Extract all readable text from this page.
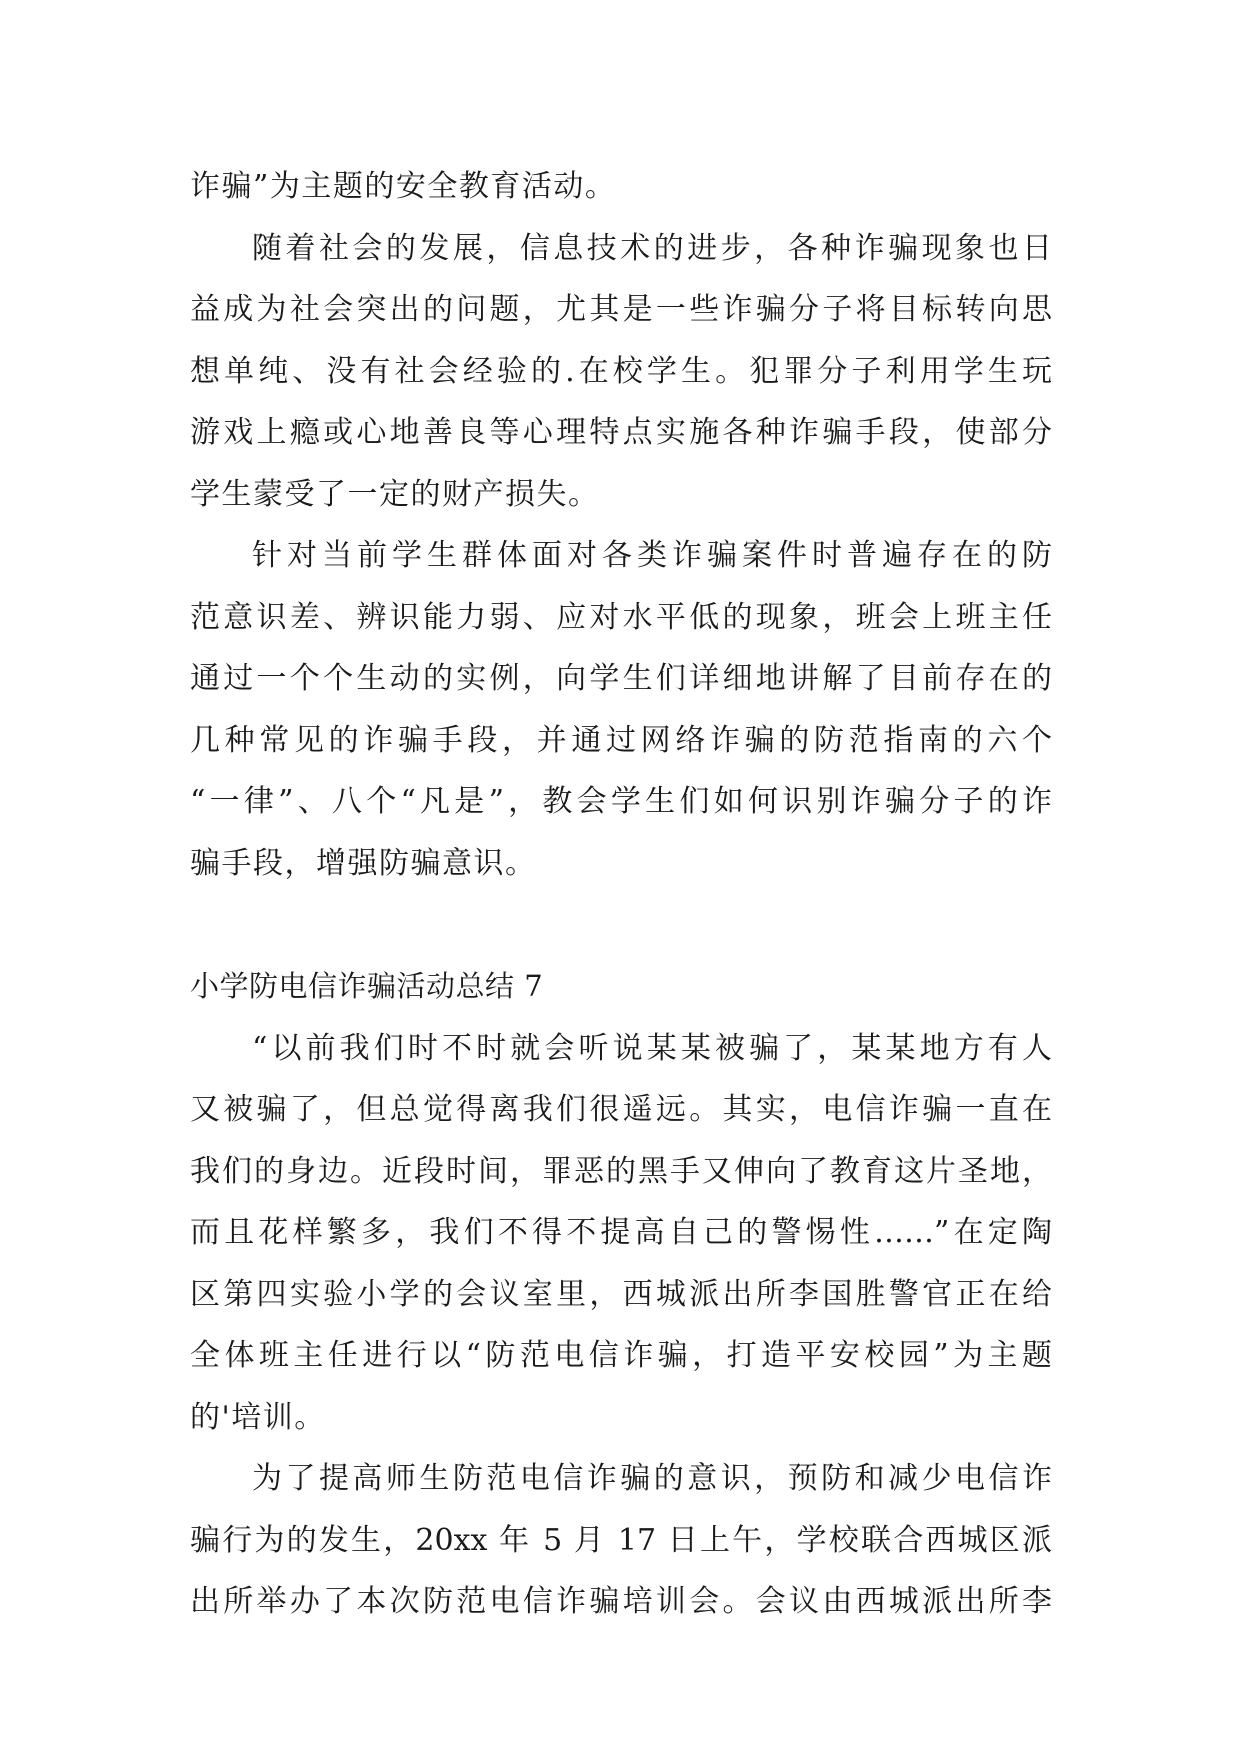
诈骗”为主题的安全教育活动。
随着社会的发展，信息技术的进步，各种诈骗现象也日
益成为社会突出的问题，尤其是一些诈骗分子将目标转向思
想单纯、没有社会经验的.在校学生。犯罪分子利用学生玩
游戏上瘾或心地善良等心理特点实施各种诈骗手段，使部分
学生蒙受了一定的财产损失。
针对当前学生群体面对各类诈骗案件时普遍存在的防
范意识差、辨识能力弱、应对水平低的现象，班会上班主任
通过一个个生动的实例，向学生们详细地讲解了目前存在的
几种常见的诈骗手段，并通过网络诈骗的防范指南的六个
“一律”、八个“凡是”，教会学生们如何识别诈骗分子的诈
骗手段，增强防骗意识。
小学防电信诈骗活动总结 7
“以前我们时不时就会听说某某被骗了，某某地方有人
又被骗了，但总觉得离我们很遥远。其实，电信诈骗一直在
我们的身边。近段时间，罪恶的黑手又伸向了教育这片圣地，
而且花样繁多，我们不得不提高自己的警惕性……”在定陶
区第四实验小学的会议室里，西城派出所李国胜警官正在给
全体班主任进行以“防范电信诈骗，打造平安校园”为主题
的'培训。
为了提高师生防范电信诈骗的意识，预防和减少电信诈
骗行为的发生，20xx 年 5 月 17 日上午，学校联合西城区派
出所举办了本次防范电信诈骗培训会。会议由西城派出所李
